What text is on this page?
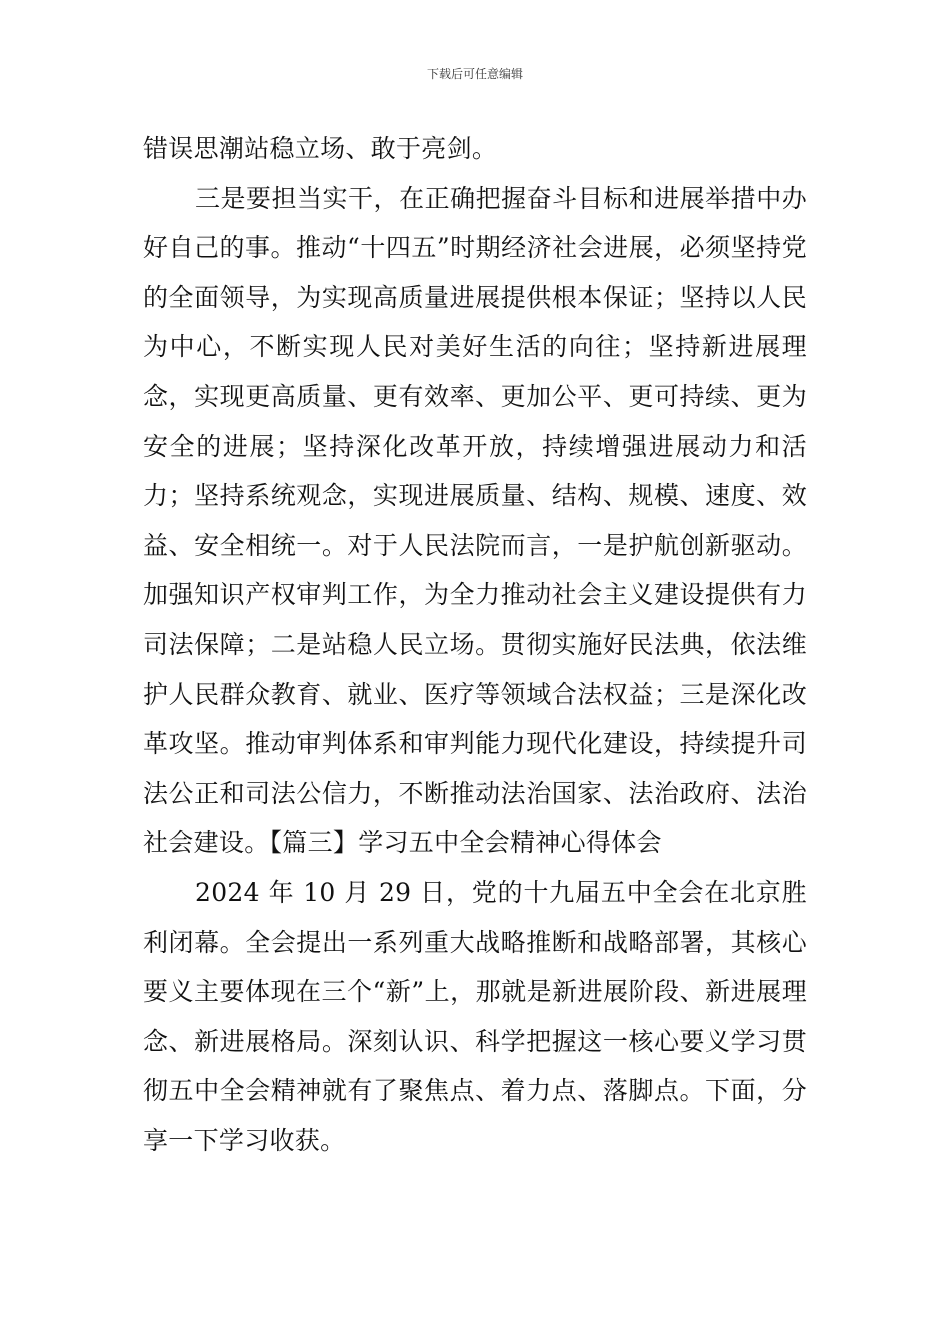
下载后可任意编辑

错误思潮站稳立场、敢于亮剑。

三是要担当实干，在正确把握奋斗目标和进展举措中办好自己的事。推动“十四五”时期经济社会进展，必须坚持党的全面领导，为实现高质量进展提供根本保证；坚持以人民为中心，不断实现人民对美好生活的向往；坚持新进展理念，实现更高质量、更有效率、更加公平、更可持续、更为安全的进展；坚持深化改革开放，持续增强进展动力和活力；坚持系统观念，实现进展质量、结构、规模、速度、效益、安全相统一。对于人民法院而言，一是护航创新驱动。加强知识产权审判工作，为全力推动社会主义建设提供有力司法保障；二是站稳人民立场。贯彻实施好民法典，依法维护人民群众教育、就业、医疗等领域合法权益；三是深化改革攻坚。推动审判体系和审判能力现代化建设，持续提升司法公正和司法公信力，不断推动法治国家、法治政府、法治社会建设。【篇三】学习五中全会精神心得体会

2024 年 10 月 29 日，党的十九届五中全会在北京胜利闭幕。全会提出一系列重大战略推断和战略部署，其核心要义主要体现在三个“新”上，那就是新进展阶段、新进展理念、新进展格局。深刻认识、科学把握这一核心要义学习贯彻五中全会精神就有了聚焦点、着力点、落脚点。下面，分享一下学习收获。
